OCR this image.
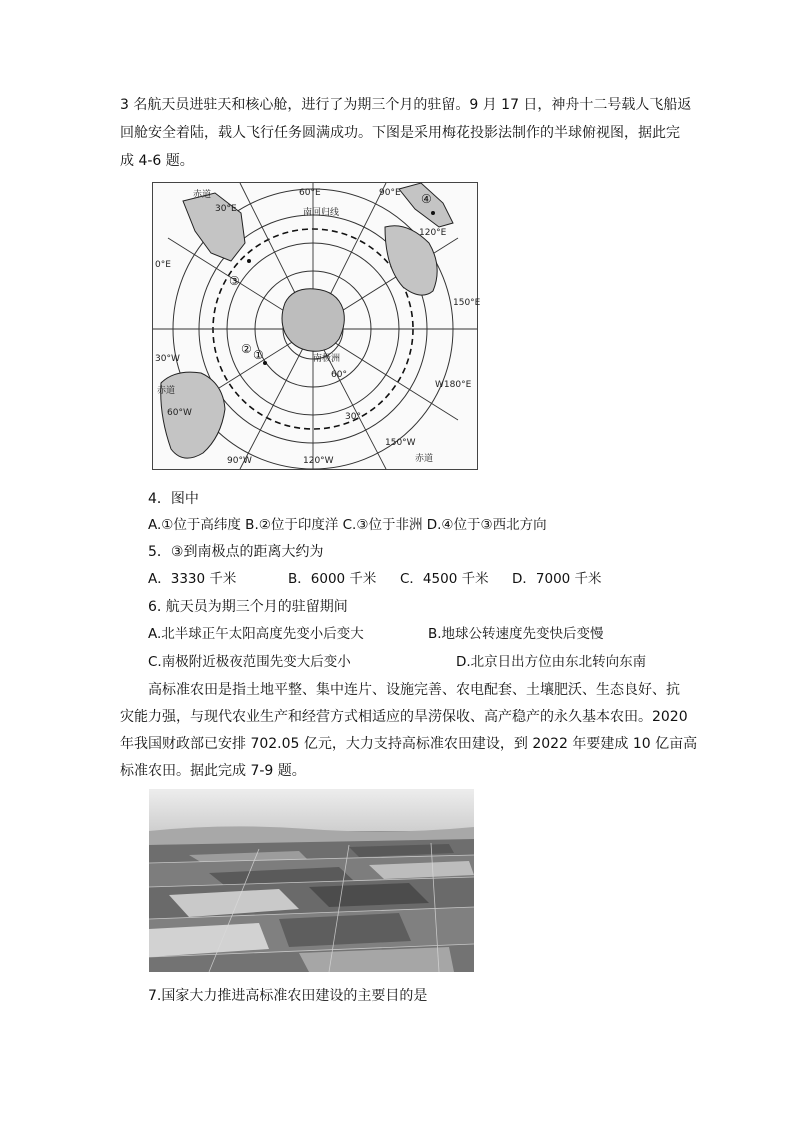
3 名航天员进驻天和核心舱，进行了为期三个月的驻留。9 月 17 日，神舟十二号载人飞船返
回舱安全着陆，载人飞行任务圆满成功。下图是采用梅花投影法制作的半球俯视图，据此完
成 4-6 题。
南回归线
南极洲
30°E
60°E	90°E
120°E
150°E
W180°E
150°W
120°W
90°W
60°W
30°W
0°E
30°
60°
赤道
赤道
赤道
①
②
③
④
4．图中
A.①位于高纬度 B.②位于印度洋 C.③位于非洲 D.④位于③西北方向
5．③到南极点的距离大约为
A．3330 千米	B．6000 千米 C．4500 千米 D．7000 千米
6. 航天员为期三个月的驻留期间
A.北半球正午太阳高度先变小后变大	B.地球公转速度先变快后变慢
C.南极附近极夜范围先变大后变小	D.北京日出方位由东北转向东南
高标准农田是指土地平整、集中连片、设施完善、农电配套、土壤肥沃、生态良好、抗
灾能力强，与现代农业生产和经营方式相适应的旱涝保收、高产稳产的永久基本农田。2020
年我国财政部已安排 702.05 亿元，大力支持高标准农田建设，到 2022 年要建成 10 亿亩高
标准农田。据此完成 7-9 题。
7.国家大力推进高标准农田建设的主要目的是
